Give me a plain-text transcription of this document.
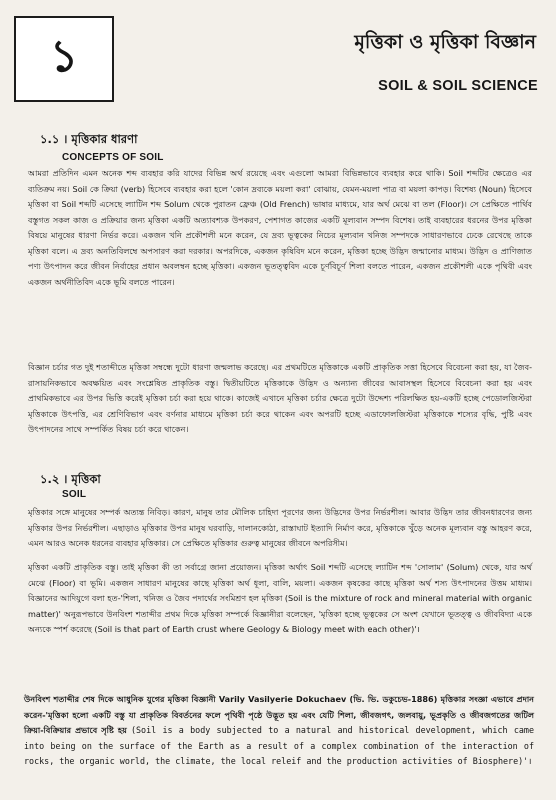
১	মৃত্তিকা ও মৃত্তিকা বিজ্ঞান
SOIL & SOIL SCIENCE
১.১ । মৃত্তিকার ধারণা
CONCEPTS OF SOIL

আমরা প্রতিদিন এমন অনেক শব্দ ব্যবহার করি যাদের বিভিন্ন অর্থ রয়েছে এবং এগুলো আমরা বিভিন্নভাবে ব্যবহার করে থাকি। Soil শব্দটির ক্ষেত্রেও এর ব্যতিক্রম নয়। Soil কে ক্রিয়া (verb) হিসেবে ব্যবহার করা হলে 'কোন দ্রব্যকে ময়লা করা' বোঝায়, যেমন-ময়লা পাত্র বা ময়লা কাপড়। বিশেষ্য (Noun) হিসেবে মৃত্তিকা বা Soil শব্দটি এসেছে ল্যাটিন শব্দ Solum থেকে পুরাতন ফ্রেঞ্চ (Old French) ভাষার মাধ্যমে, যার অর্থ মেঝে বা তল (Floor)। সে প্রেক্ষিতে পার্থিব বস্তুগত সকল কাজ ও প্রক্রিয়ার জন্য মৃত্তিকা একটি অত্যাবশ্যক উপকরণ, পেশাগত কাজের একটি মূল্যবান সম্পদ বিশেষ। তাই ব্যবহারের ধরনের উপর মৃত্তিকা বিষয়ে মানুষের ধারণা নির্ভর করে। একজন খনি প্রকৌশলী মনে করেন, যে দ্রব্য ভূত্বকের নিচের মূল্যবান খনিজ সম্পদকে সাধারণভাবে ঢেকে রেখেছে তাকে মৃত্তিকা বলে। এ দ্রব্য অনতিবিলম্বে অপসারণ করা দরকার। অপরদিকে, একজন কৃষিবিদ মনে করেন, মৃত্তিকা হচ্ছে উদ্ভিদ জন্মানোর মাধ্যম। উদ্ভিদ ও প্রাণিজাত পণ্য উৎপাদন করে জীবন নির্বাহের প্রধান অবলম্বন হচ্ছে মৃত্তিকা। একজন ভূতত্ত্ববিদ একে চূর্ণবিচূর্ণ শিলা বলতে পারেন, একজন প্রকৌশলী একে পৃথিবী এবং একজন অর্থনীতিবিদ একে ভূমি বলতে পারেন।

বিজ্ঞান চর্চার গত দুই শতাব্দীতে মৃত্তিকা সম্বন্ধে দুটো ধারণা জন্মলাভ করেছে। এর প্রথমটিতে মৃত্তিকাকে একটি প্রাকৃতিক সত্তা হিসেবে বিবেচনা করা হয়, যা জৈব-রাসায়নিকভাবে অবক্ষয়িত এবং সংশ্লেষিত প্রাকৃতিক বস্তু। দ্বিতীয়টিতে মৃত্তিকাকে উদ্ভিদ ও অন্যান্য জীবের আবাসস্থল হিসেবে বিবেচনা করা হয় এবং প্রাথমিকভাবে এর উপর ভিত্তি করেই মৃত্তিকা চর্চা করা হয়ে থাকে। কাজেই এখানে মৃত্তিকা চর্চার ক্ষেত্রে দুটো উদ্দেশ্য পরিলক্ষিত হয়-একটি হচ্ছে পেডোলজিস্টরা মৃত্তিকাকে উৎপত্তি, এর শ্রেণিবিভাগ এবং বর্ণনার মাধ্যমে মৃত্তিকা চর্চা করে থাকেন এবং অপরটি হচ্ছে এডাফোলজিস্টরা মৃত্তিকাকে শস্যের বৃদ্ধি, পুষ্টি এবং উৎপাদনের সাথে সম্পর্কিত বিষয় চর্চা করে থাকেন।

১.২ । মৃত্তিকা
SOIL

মৃত্তিকার সঙ্গে মানুষের সম্পর্ক অত্যন্ত নিবিড়। কারণ, মানুষ তার মৌলিক চাহিদা পূরণের জন্য উদ্ভিদের উপর নির্ভরশীল। আবার উদ্ভিদ তার জীবনধারণের জন্য মৃত্তিকার উপর নির্ভরশীল। এছাড়াও মৃত্তিকার উপর মানুষ ঘরবাড়ি, দালানকোঠা, রাস্তাঘাট ইত্যাদি নির্মাণ করে, মৃত্তিকাকে খুঁড়ে অনেক মূল্যবান বস্তু আহরণ করে, এমন আরও অনেক ধরনের ব্যবহার মৃত্তিকার। সে প্রেক্ষিতে মৃত্তিকার গুরুত্ব মানুষের জীবনে অপরিসীম।

মৃত্তিকা একটি প্রাকৃতিক বস্তু। তাই মৃত্তিকা কী তা সর্বাগ্রে জানা প্রয়োজন। মৃত্তিকা অর্থাৎ Soil শব্দটি এসেছে ল্যাটিন শব্দ 'সোলাম' (Solum) থেকে, যার অর্থ মেঝে (Floor) বা ভূমি। একজন সাধারণ মানুষের কাছে মৃত্তিকা অর্থ ধূলা, বালি, ময়লা। একজন কৃষকের কাছে মৃত্তিকা অর্থ শস্য উৎপাদনের উত্তম মাধ্যম। বিজ্ঞানের আদিযুগে বলা হত-'শিলা, খনিজ ও জৈব পদার্থের সংমিশ্রণ হল মৃত্তিকা (Soil is the mixture of rock and mineral material with organic matter)' অনুরূপভাবে উনবিংশ শতাব্দীর প্রথম দিকে মৃত্তিকা সম্পর্কে বিজ্ঞানীরা বলেছেন, 'মৃত্তিকা হচ্ছে ভূত্বকের সে অংশ যেখানে ভূতত্ত্ব ও জীববিদ্যা একে অন্যকে স্পর্শ করেছে (Soil is that part of Earth crust where Geology & Biology meet with each other)'।

উনবিংশ শতাব্দীর শেষ দিকে আধুনিক যুগের মৃত্তিকা বিজ্ঞানী Varily Vasilyerie Dokuchaev (ভি. ভি. ডকুচেভ-1886) মৃত্তিকার সংজ্ঞা এভাবে প্রদান করেন-'মৃত্তিকা হলো একটি বস্তু যা প্রাকৃতিক বিবর্তনের ফলে পৃথিবী পৃষ্ঠে উদ্ভূত হয় এবং যেটি শিলা, জীবজগৎ, জলবায়ু, ভূপ্রকৃতি ও জীবজগতের জটিল ক্রিয়া-বিক্রিয়ার প্রভাবে সৃষ্টি হয় (Soil is a body subjected to a natural and historical development, which came into being on the surface of the Earth as a result of a complex combination of the interaction of rocks, the organic world, the climate, the local releif and the production activities of Biosphere)'।
